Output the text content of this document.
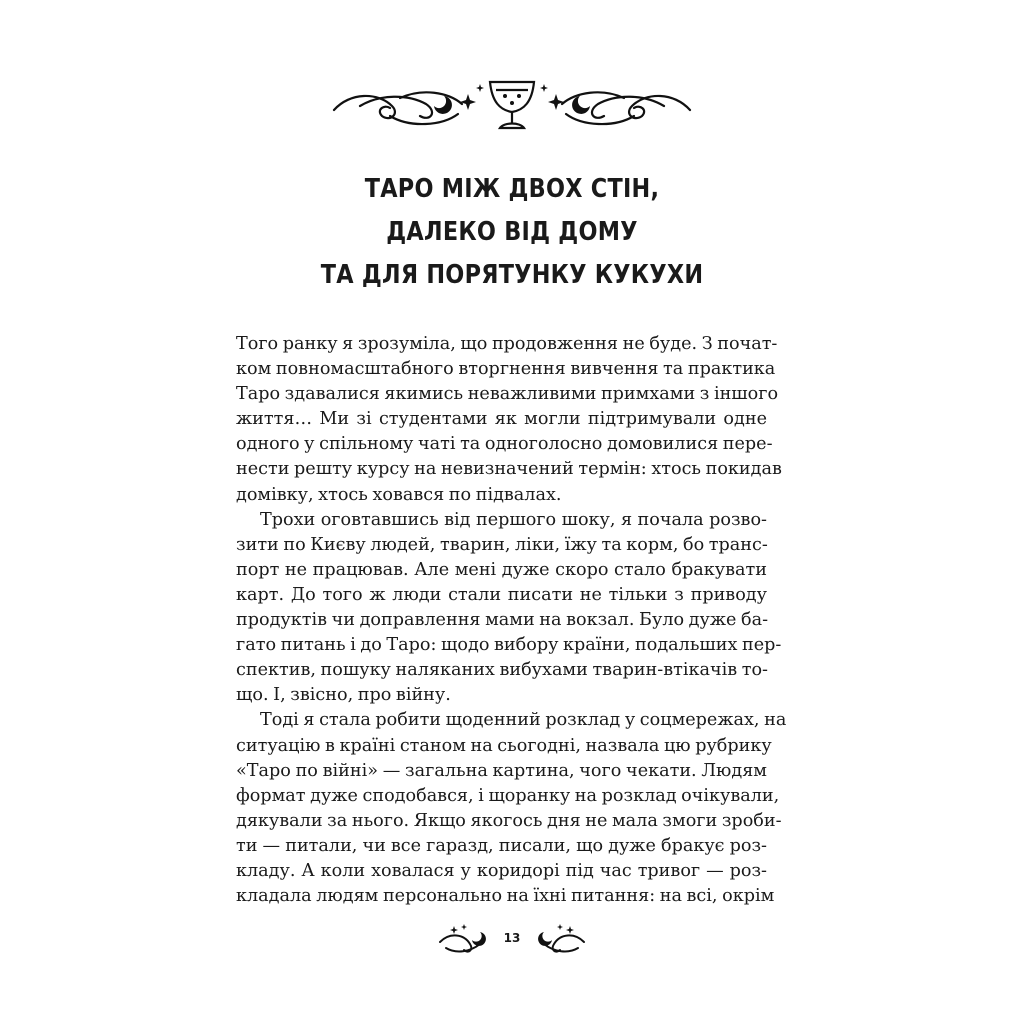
ТАРО МІЖ ДВОХ СТІН,
ДАЛЕКО ВІД ДОМУ
ТА ДЛЯ ПОРЯТУНКУ КУКУХИ

Того ранку я зрозуміла, що продовження не буде. З почат-
ком повномасштабного вторгнення вивчення та практика
Таро здавалися якимись неважливими примхами з іншого
життя… Ми зі студентами як могли підтримували одне
одного у спільному чаті та одноголосно домовилися пере-
нести решту курсу на невизначений термін: хтось покидав
домівку, хтось ховався по підвалах.

Трохи оговтавшись від першого шоку, я почала розво-
зити по Києву людей, тварин, ліки, їжу та корм, бо транс-
порт не працював. Але мені дуже скоро стало бракувати
карт. До того ж люди стали писати не тільки з приводу
продуктів чи доправлення мами на вокзал. Було дуже ба-
гато питань і до Таро: щодо вибору країни, подальших пер-
спектив, пошуку наляканих вибухами тварин-втікачів то-
що. І, звісно, про війну.

Тоді я стала робити щоденний розклад у соцмережах, на
ситуацію в країні станом на сьогодні, назвала цю рубрику
«Таро по війні» — загальна картина, чого чекати. Людям
формат дуже сподобався, і щоранку на розклад очікували,
дякували за нього. Якщо якогось дня не мала змоги зроби-
ти — питали, чи все гаразд, писали, що дуже бракує роз-
кладу. А коли ховалася у коридорі під час тривог — роз-
кладала людям персонально на їхні питання: на всі, окрім

13
